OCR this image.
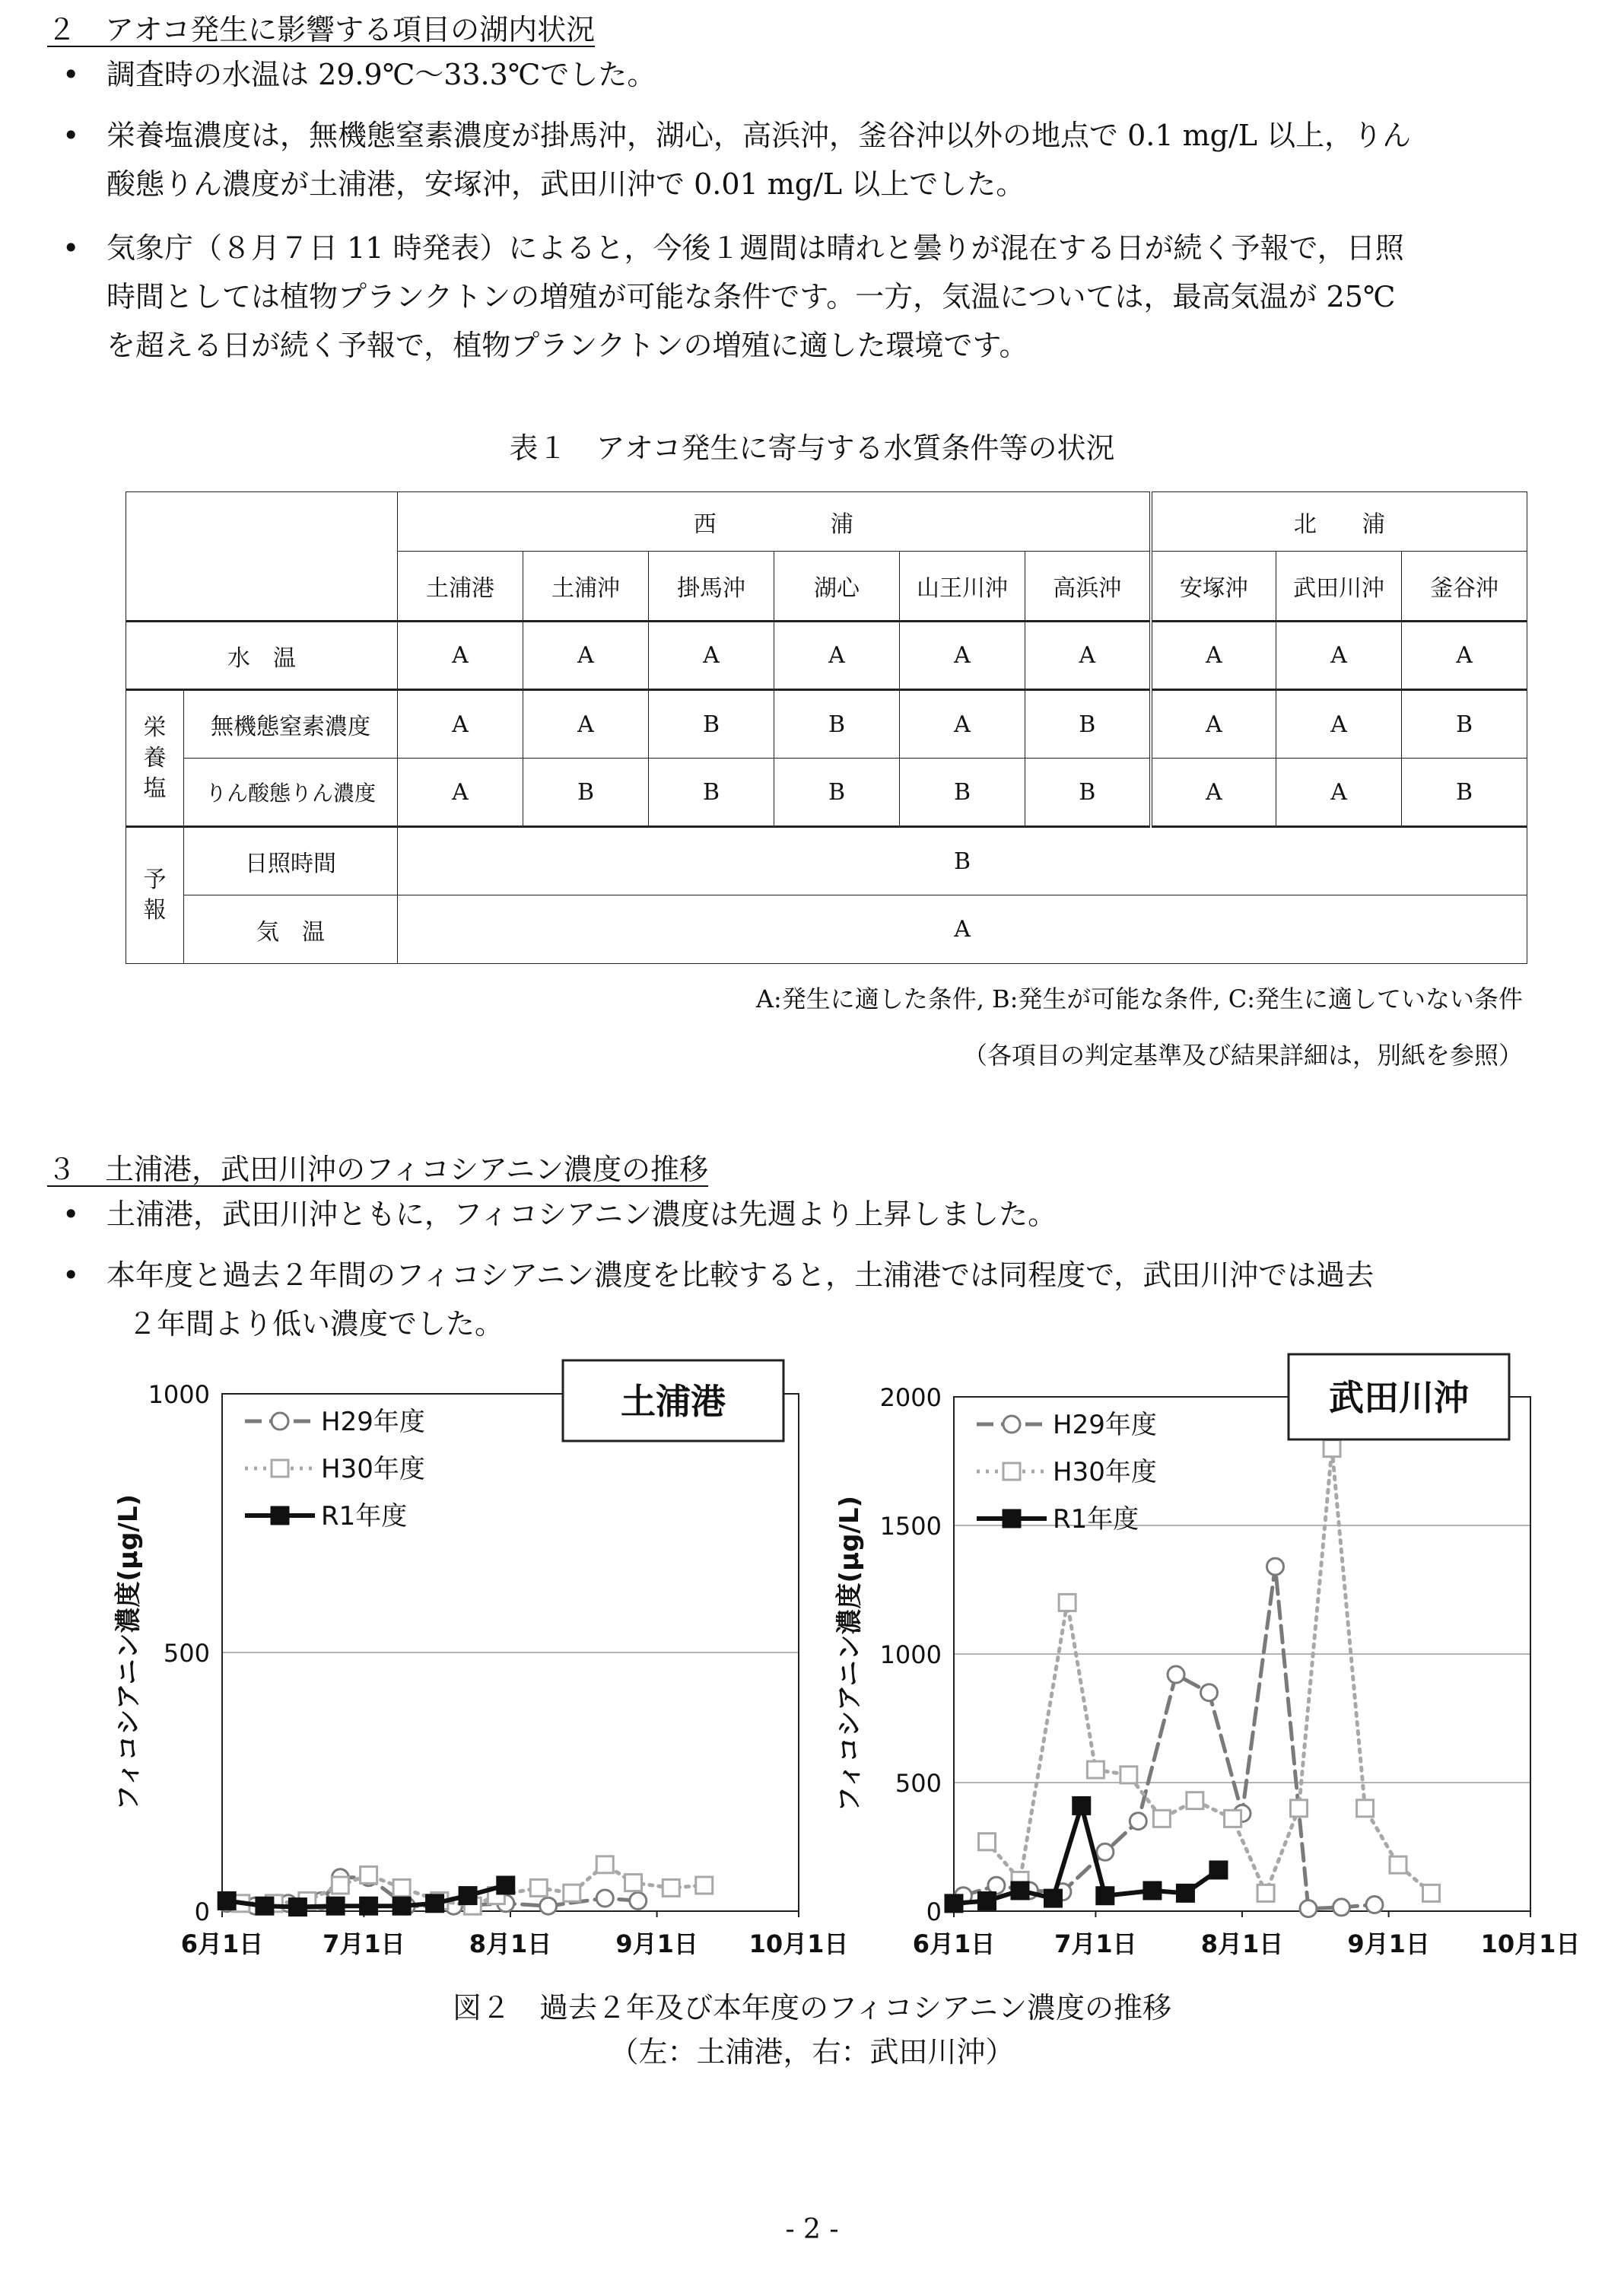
２　アオコ発生に影響する項目の湖内状況
• 調査時の水温は 29.9℃～33.3℃でした。
• 栄養塩濃度は，無機態窒素濃度が掛馬沖，湖心，高浜沖，釜谷沖以外の地点で 0.1 mg/L 以上，りん
酸態りん濃度が土浦港，安塚沖，武田川沖で 0.01 mg/L 以上でした。
• 気象庁（８月７日 11 時発表）によると，今後１週間は晴れと曇りが混在する日が続く予報で，日照
時間としては植物プランクトンの増殖が可能な条件です。一方，気温については，最高気温が 25℃
を超える日が続く予報で，植物プランクトンの増殖に適した環境です。
表１　アオコ発生に寄与する水質条件等の状況
		西　　　　　浦						北　　浦		
		土浦港	土浦沖	掛馬沖	湖心	山王川沖	高浜沖	安塚沖	武田川沖	釜谷沖
水　温		A	A	A	A	A	A	A	A	A

栄養塩	無機態窒素濃度	A	A	B	B	A	B	A	A	B
	りん酸態りん濃度	A	B	B	B	B	B	A	A	B

予報	日照時間	B								
	気　温	A								
A:発生に適した条件, B:発生が可能な条件, C:発生に適していない条件
（各項目の判定基準及び結果詳細は，別紙を参照）
３　土浦港，武田川沖のフィコシアニン濃度の推移
• 土浦港，武田川沖ともに，フィコシアニン濃度は先週より上昇しました。
• 本年度と過去２年間のフィコシアニン濃度を比較すると，土浦港では同程度で，武田川沖では過去
２年間より低い濃度でした。
0
500
1000
6月1日 7月1日	8月1日	9月1日 10月1日
フィコシアニン濃度(μg/L)
H29年度
H30年度
R1年度
土浦港
0
500
1000
1500
2000
6月1日 7月1日	8月1日	9月1日 10月1日
フィコシアニン濃度(μg/L)
H29年度
H30年度
R1年度
武田川沖
図２　過去２年及び本年度のフィコシアニン濃度の推移
（左：土浦港，右：武田川沖）
- 2 -
